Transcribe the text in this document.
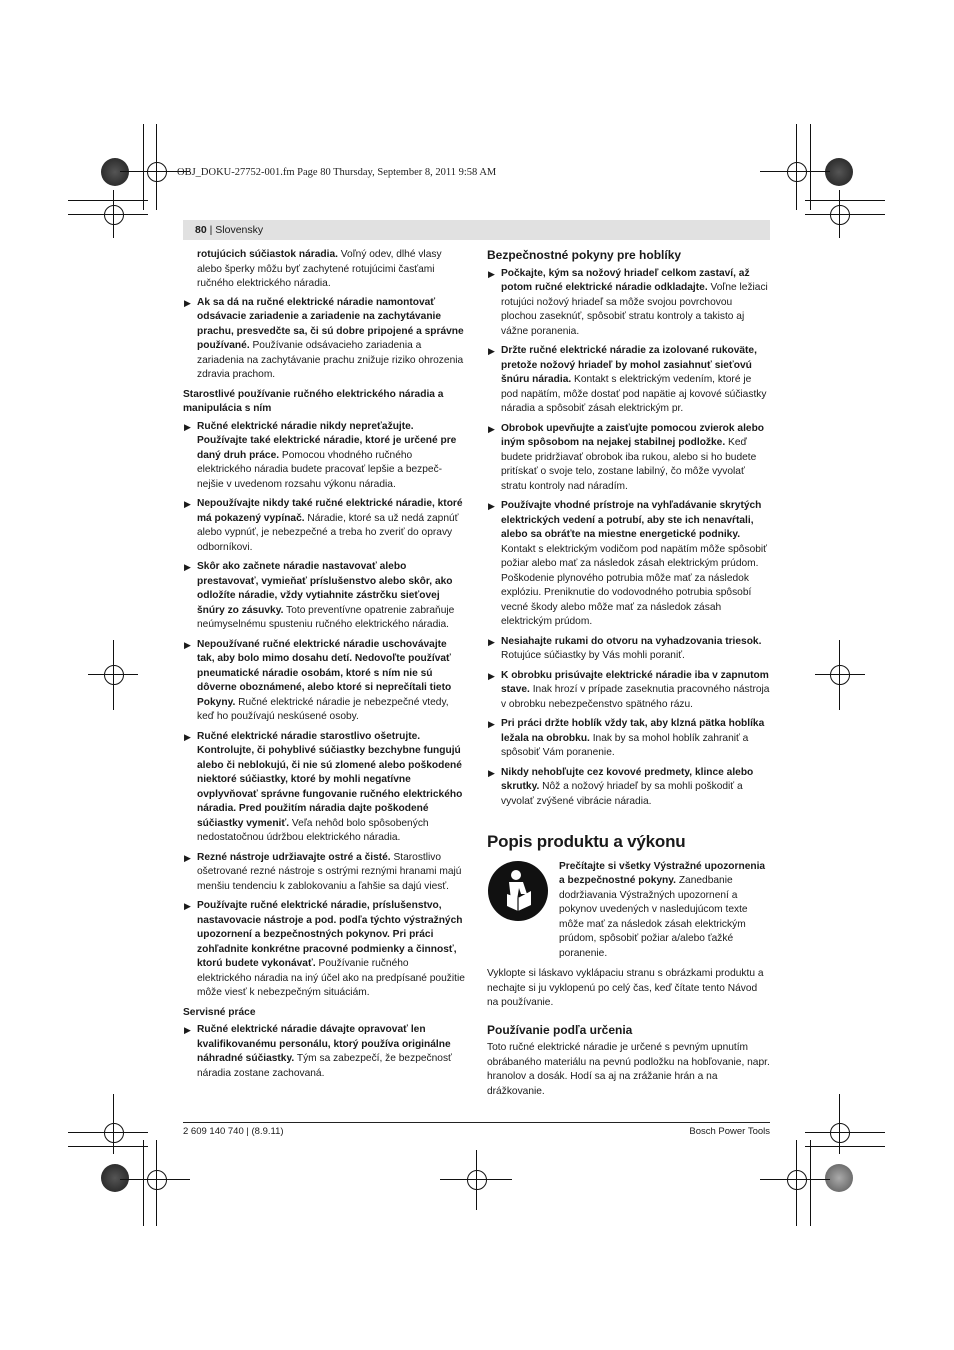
OBJ_DOKU-27752-001.fm Page 80 Thursday, September 8, 2011 9:58 AM
80 | Slovensky

rotujúcich súčiastok náradia. Voľný odev, dlhé vlasy alebo šperky môžu byť zachytené rotujúcimi časťami ručného elektrického náradia.

▶ Ak sa dá na ručné elektrické náradie namontovať odsávacie zariadenie a zariadenie na zachytávanie prachu, presvedčte sa, či sú dobre pripojené a správne používané. Používanie odsávacieho zariadenia a zariadenia na zachytávanie prachu znižuje riziko ohrozenia zdravia prachom.
Starostlivé používanie ručného elektrického náradia a manipulácia s ním
▶ Ručné elektrické náradie nikdy nepreťažujte. Používajte také elektrické náradie, ktoré je určené pre daný druh práce. Pomocou vhodného ručného elektrického náradia budete pracovať lepšie a bezpeč-nejšie v uvedenom rozsahu výkonu náradia.
▶ Nepoužívajte nikdy také ručné elektrické náradie, ktoré má pokazený vypínač. Náradie, ktoré sa už nedá zapnúť alebo vypnúť, je nebezpečné a treba ho zveriť do opravy odborníkovi.
▶ Skôr ako začnete náradie nastavovať alebo prestavovať, vymieňať príslušenstvo alebo skôr, ako odložíte náradie, vždy vytiahnite zástrčku sieťovej šnúry zo zásuvky. Toto preventívne opatrenie zabraňuje neúmyselnému spusteniu ručného elektrického náradia.
▶ Nepoužívané ručné elektrické náradie uschovávajte tak, aby bolo mimo dosahu detí. Nedovoľte používať pneumatické náradie osobám, ktoré s ním nie sú dôverne oboznámené, alebo ktoré si neprečítali tieto Pokyny. Ručné elektrické náradie je nebezpečné vtedy, keď ho používajú neskúsené osoby.
▶ Ručné elektrické náradie starostlivo ošetrujte. Kontrolujte, či pohyblivé súčiastky bezchybne fungujú alebo či neblokujú, či nie sú zlomené alebo poškodené niektoré súčiastky, ktoré by mohli negatívne ovplyvňovať správne fungovanie ručného elektrického náradia. Pred použitím náradia dajte poškodené súčiastky vymeniť. Veľa nehôd bolo spôsobených nedostatočnou údržbou elektrického náradia.
▶ Rezné nástroje udržiavajte ostré a čisté. Starostlivo ošetrované rezné nástroje s ostrými reznými hranami majú menšiu tendenciu k zablokovaniu a ľahšie sa dajú viesť.
▶ Používajte ručné elektrické náradie, príslušenstvo, nastavovacie nástroje a pod. podľa týchto výstražných upozornení a bezpečnostných pokynov. Pri práci zohľadnite konkrétne pracovné podmienky a činnosť, ktorú budete vykonávať. Používanie ručného elektrického náradia na iný účel ako na predpísané použitie môže viesť k nebezpečným situáciám.
Servisné práce
▶ Ručné elektrické náradie dávajte opravovať len kvalifikovanému personálu, ktorý používa originálne náhradné súčiastky. Tým sa zabezpečí, že bezpečnosť náradia zostane zachovaná.
Bezpečnostné pokyny pre hoblíky
▶ Počkajte, kým sa nožový hriadeľ celkom zastaví, až potom ručné elektrické náradie odkladajte. Voľne ležiaci rotujúci nožový hriadeľ sa môže svojou povrchovou plochou zaseknúť, spôsobiť stratu kontroly a takisto aj vážne poranenia.
▶ Držte ručné elektrické náradie za izolované rukoväte, pretože nožový hriadeľ by mohol zasiahnuť sieťovú šnúru náradia. Kontakt s elektrickým vedením, ktoré je pod napätím, môže dostať pod napätie aj kovové súčiastky náradia a spôsobiť zásah elektrickým pr.
▶ Obrobok upevňujte a zaisťujte pomocou zvierok alebo iným spôsobom na nejakej stabilnej podložke. Keď budete pridržiavať obrobok iba rukou, alebo si ho budete pritískať o svoje telo, zostane labilný, čo môže vyvolať stratu kontroly nad náradím.
▶ Používajte vhodné prístroje na vyhľadávanie skrytých elektrických vedení a potrubí, aby ste ich nenavŕtali, alebo sa obráťte na miestne energetické podniky. Kontakt s elektrickým vodičom pod napätím môže spôsobiť požiar alebo mať za následok zásah elektrickým prúdom. Poškodenie plynového potrubia môže mať za následok explóziu. Preniknutie do vodovodného potrubia spôsobí vecné škody alebo môže mať za následok zásah elektrickým prúdom.
▶ Nesiahajte rukami do otvoru na vyhadzovania triesok. Rotujúce súčiastky by Vás mohli poraniť.
▶ K obrobku prisúvajte elektrické náradie iba v zapnutom stave. Inak hrozí v prípade zaseknutia pracovného nástroja v obrobku nebezpečenstvo spätného rázu.
▶ Pri práci držte hoblík vždy tak, aby klzná pätka hoblíka ležala na obrobku. Inak by sa mohol hoblík zahraniť a spôsobiť Vám poranenie.
▶ Nikdy nehobľujte cez kovové predmety, klince alebo skrutky. Nôž a nožový hriadeľ by sa mohli poškodiť a vyvolať zvýšené vibrácie náradia.
Popis produktu a výkonu
Prečítajte si všetky Výstražné upozornenia a bezpečnostné pokyny. Zanedbanie dodržiavania Výstražných upozornení a pokynov uvedených v nasledujúcom texte môže mať za následok zásah elektrickým prúdom, spôsobiť požiar a/alebo ťažké poranenie.

Vyklopte si láskavo vyklápaciu stranu s obrázkami produktu a nechajte si ju vyklopenú po celý čas, keď čítate tento Návod na používanie.

Používanie podľa určenia

Toto ručné elektrické náradie je určené s pevným upnutím obrábaného materiálu na pevnú podložku na hobľovanie, napr. hranolov a dosák. Hodí sa aj na zrážanie hrán a na drážkovanie.

2 609 140 740 | (8.9.11)	Bosch Power Tools
